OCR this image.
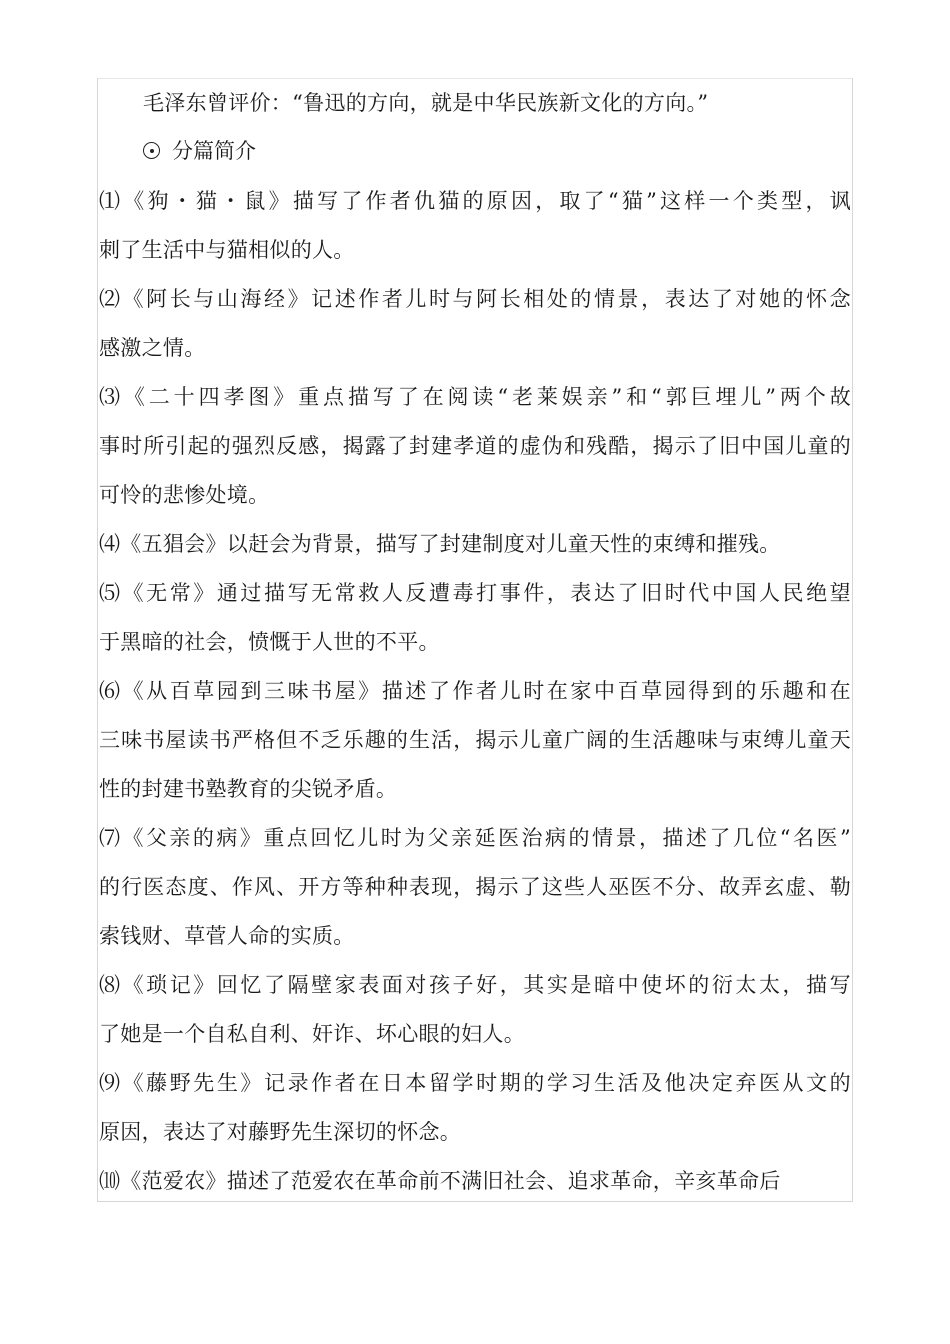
毛泽东曾评价：“鲁迅的方向，就是中华民族新文化的方向。”
分篇简介
⑴《狗・猫・鼠》描写了作者仇猫的原因，取了“猫”这样一个类型，讽
刺了生活中与猫相似的人。
⑵《阿长与山海经》记述作者儿时与阿长相处的情景，表达了对她的怀念
感激之情。
⑶《二十四孝图》重点描写了在阅读“老莱娱亲”和“郭巨埋儿”两个故
事时所引起的强烈反感，揭露了封建孝道的虚伪和残酷，揭示了旧中国儿童的
可怜的悲惨处境。
⑷《五猖会》以赶会为背景，描写了封建制度对儿童天性的束缚和摧残。
⑸《无常》通过描写无常救人反遭毒打事件，表达了旧时代中国人民绝望
于黑暗的社会，愤慨于人世的不平。
⑹《从百草园到三味书屋》描述了作者儿时在家中百草园得到的乐趣和在
三味书屋读书严格但不乏乐趣的生活，揭示儿童广阔的生活趣味与束缚儿童天
性的封建书塾教育的尖锐矛盾。
⑺《父亲的病》重点回忆儿时为父亲延医治病的情景，描述了几位“名医”
的行医态度、作风、开方等种种表现，揭示了这些人巫医不分、故弄玄虚、勒
索钱财、草菅人命的实质。
⑻《琐记》回忆了隔壁家表面对孩子好，其实是暗中使坏的衍太太，描写
了她是一个自私自利、奸诈、坏心眼的妇人。
⑼《藤野先生》记录作者在日本留学时期的学习生活及他决定弃医从文的
原因，表达了对藤野先生深切的怀念。
⑽《范爱农》描述了范爱农在革命前不满旧社会、追求革命，辛亥革命后
